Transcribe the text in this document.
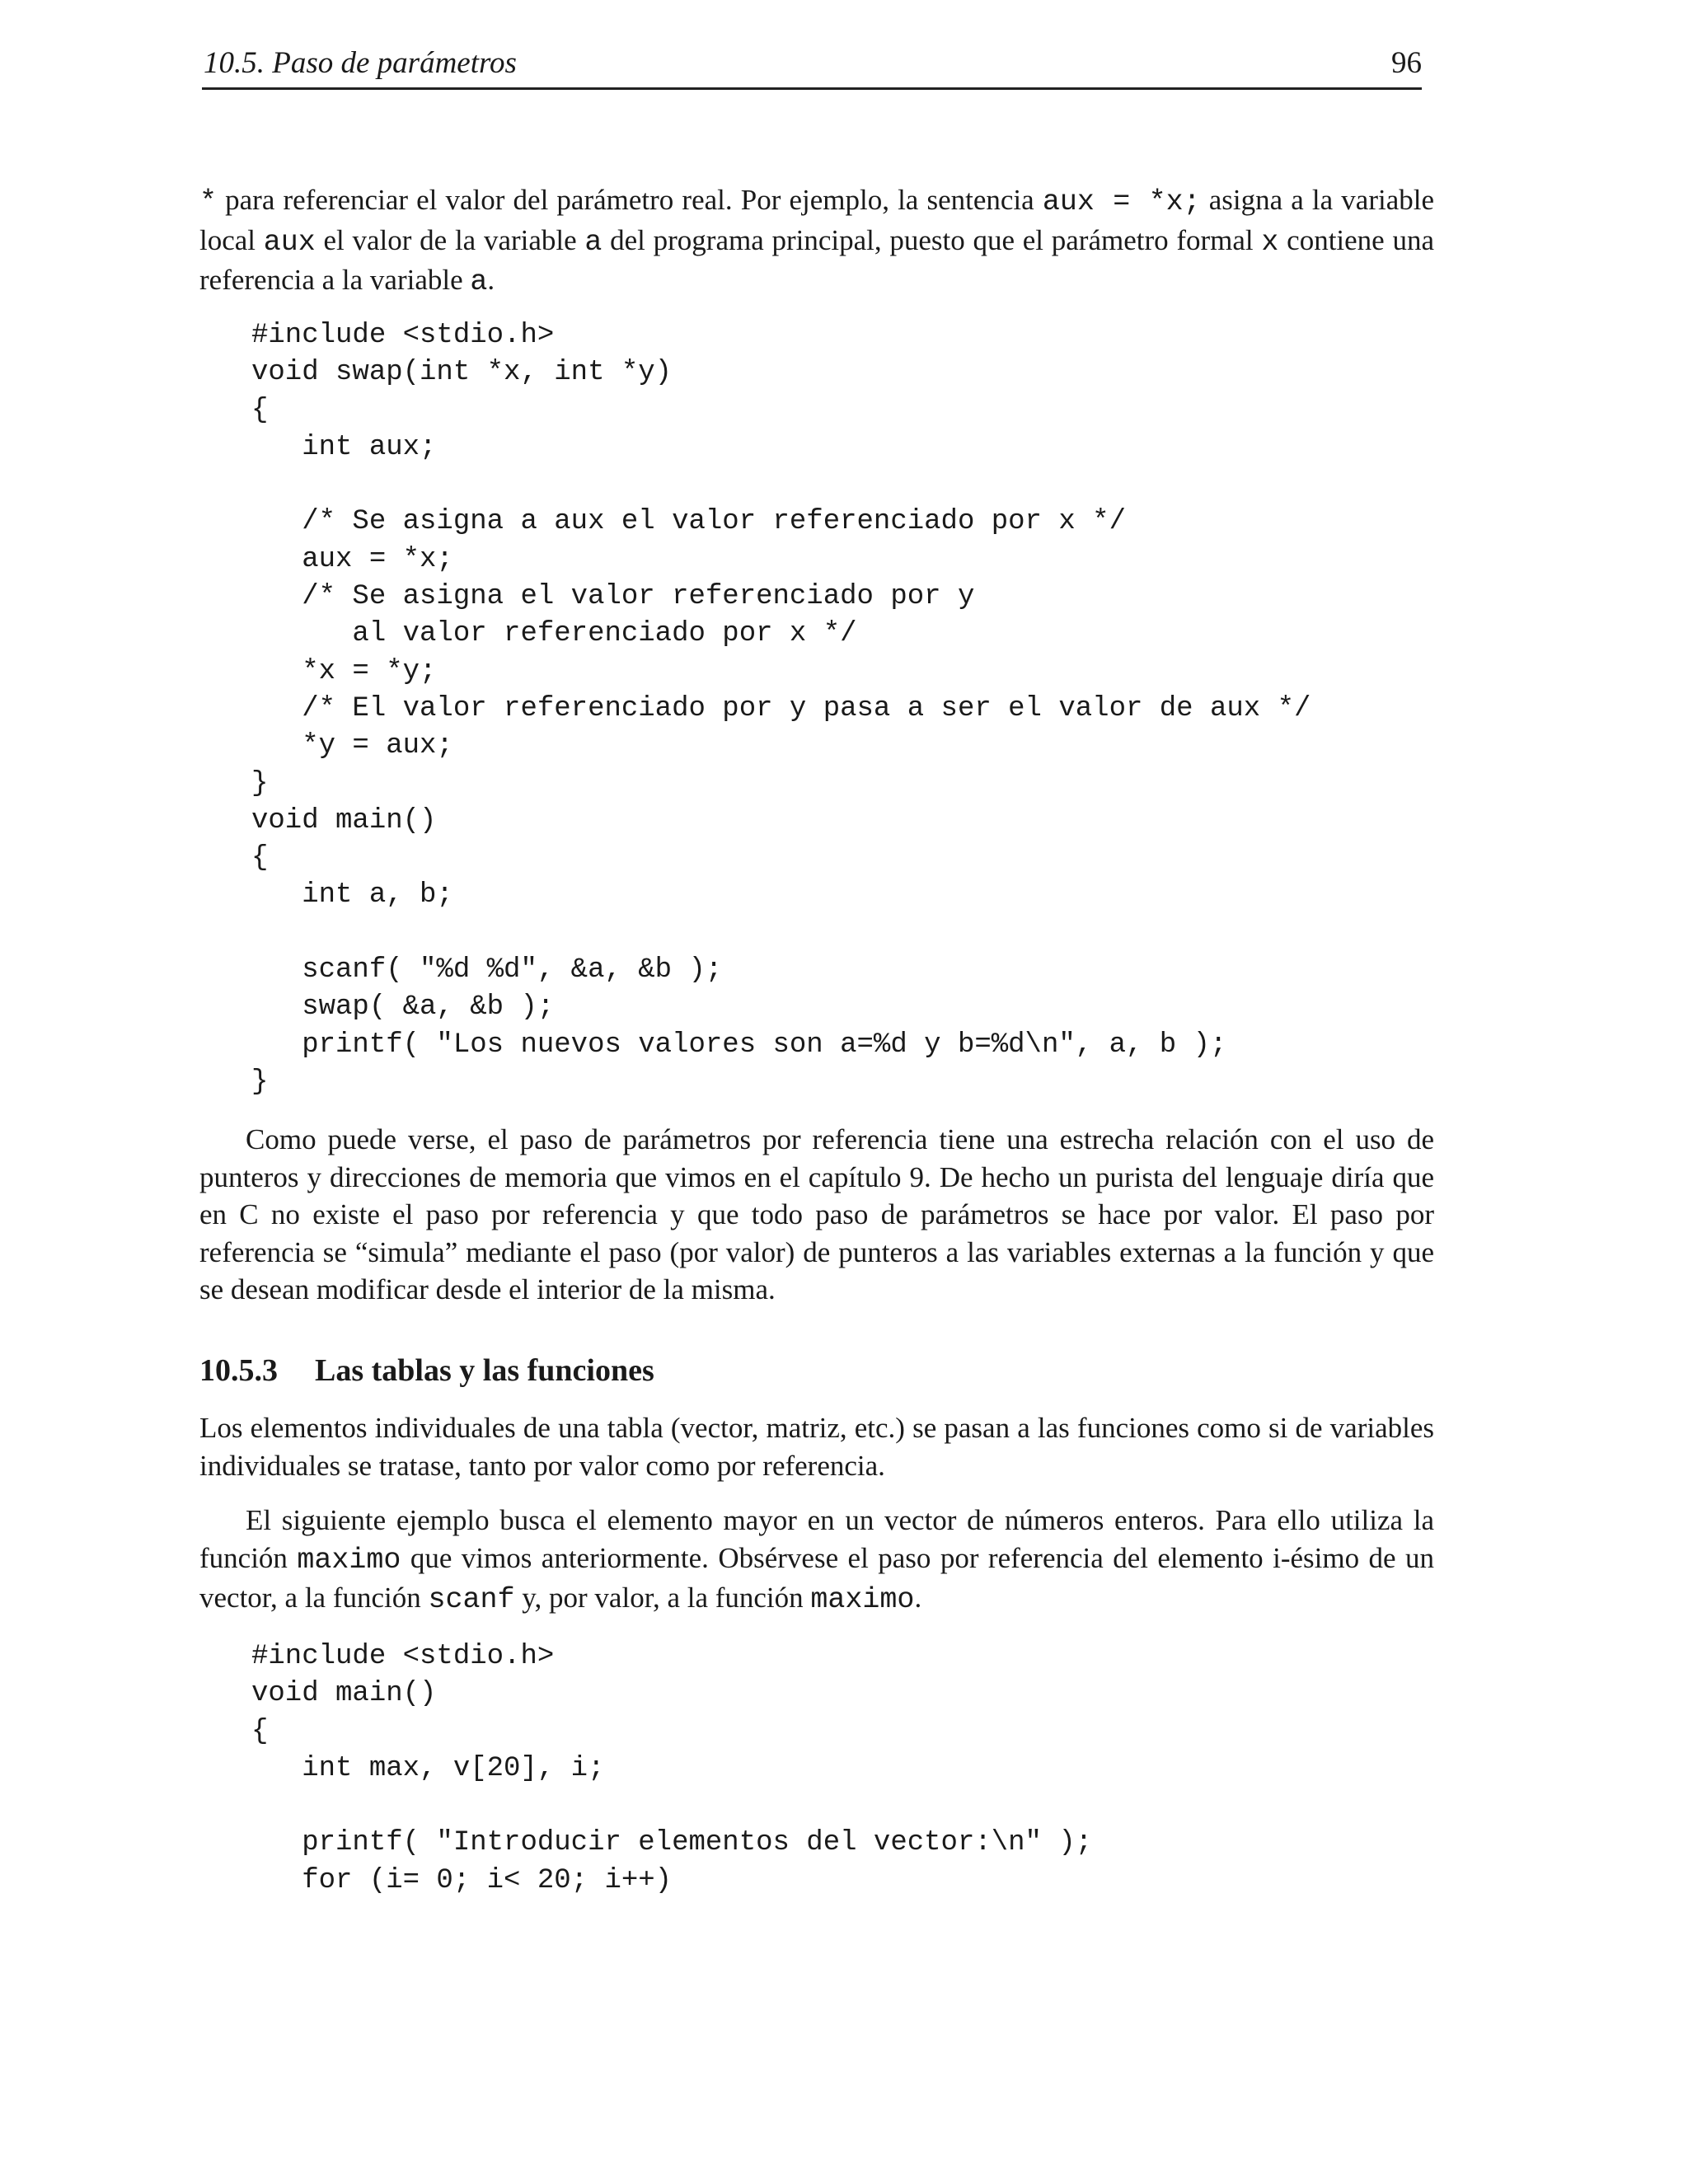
10.5. Paso de parámetros	96

* para referenciar el valor del parámetro real. Por ejemplo, la sentencia aux = *x; asigna a la variable local aux el valor de la variable a del programa principal, puesto que el parámetro formal x contiene una referencia a la variable a.

#include <stdio.h>
void swap(int *x, int *y)
{
int aux;

/* Se asigna a aux el valor referenciado por x */
aux = *x;
/* Se asigna el valor referenciado por y
al valor referenciado por x */
*x = *y;
/* El valor referenciado por y pasa a ser el valor de aux */
*y = aux;
}
void main()
{
int a, b;

scanf( "%d %d", &a, &b );
swap( &a, &b );
printf( "Los nuevos valores son a=%d y b=%d\n", a, b );
}

Como puede verse, el paso de parámetros por referencia tiene una estrecha relación con el uso de punteros y direcciones de memoria que vimos en el capítulo 9. De hecho un purista del lenguaje diría que en C no existe el paso por referencia y que todo paso de parámetros se hace por valor. El paso por referencia se “simula” mediante el paso (por valor) de punteros a las variables externas a la función y que se desean modificar desde el interior de la misma.

10.5.3 Las tablas y las funciones

Los elementos individuales de una tabla (vector, matriz, etc.) se pasan a las funciones como si de variables individuales se tratase, tanto por valor como por referencia.

El siguiente ejemplo busca el elemento mayor en un vector de números enteros. Para ello utiliza la función maximo que vimos anteriormente. Obsérvese el paso por referencia del elemento i-ésimo de un vector, a la función scanf y, por valor, a la función maximo.

#include <stdio.h>
void main()
{
int max, v[20], i;

printf( "Introducir elementos del vector:\n" );
for (i= 0; i< 20; i++)
